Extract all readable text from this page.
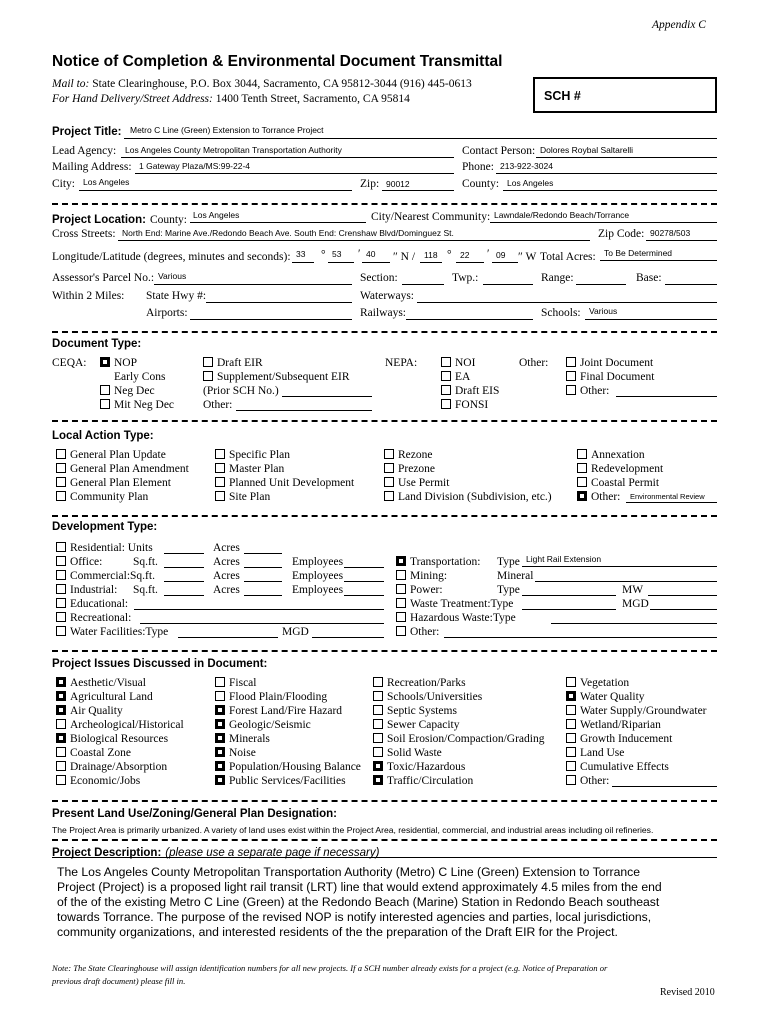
Appendix C
Notice of Completion & Environmental Document Transmittal
Mail to: State Clearinghouse, P.O. Box 3044, Sacramento, CA 95812-3044 (916) 445-0613
For Hand Delivery/Street Address: 1400 Tenth Street, Sacramento, CA 95814	SCH #
Project Title: Metro C Line (Green) Extension to Torrance Project
Lead Agency: Los Angeles County Metropolitan Transportation Authority	Contact Person: Dolores Roybal Saltarelli
Mailing Address: 1 Gateway Plaza/MS:99-22-4	Phone: 213-922-3024
City: Los Angeles	Zip: 90012	County: Los Angeles
Project Location: County: Los Angeles	City/Nearest Community: Lawndale/Redondo Beach/Torrance
Cross Streets: North End: Marine Ave./Redondo Beach Ave. South End: Crenshaw Blvd/Dominguez St.	Zip Code: 90278/503
Longitude/Latitude (degrees, minutes and seconds): 33 ° 53 ′ 40 ″ N / 118 ° 22 ′ 09 ″ W Total Acres: To Be Determined
Assessor's Parcel No.: Various	Section:	Twp.:	Range:	Base:
Within 2 Miles: State Hwy #:	Waterways:
Airports:	Railways:	Schools: Various
Document Type:
CEQA:	NOP
Early Cons
Neg Dec
Mit Neg Dec
Draft EIR
Supplement/Subsequent EIR
(Prior SCH No.)
Other:
NEPA:	NOI
EA
Draft EIS
FONSI
Other:	Joint Document
Final Document
Other:
Local Action Type:
General Plan Update
General Plan Amendment
General Plan Element
Community Plan
Specific Plan
Master Plan
Planned Unit Development
Site Plan
Rezone
Prezone
Use Permit
Land Division (Subdivision, etc.)
Annexation
Redevelopment
Coastal Permit
Other: Environmental Review
Development Type:
Residential: Units	Acres
Office:	Sq.ft.	Acres	Employees
Commercial:Sq.ft.	Acres	Employees
Industrial: Sq.ft.	Acres	Employees
Educational:
Recreational:
Water Facilities:Type	MGD
Transportation: Type Light Rail Extension
Mining:	Mineral
Power:	Type	MW
Waste Treatment:Type	MGD
Hazardous Waste:Type
Other:
Project Issues Discussed in Document:
Aesthetic/Visual
Agricultural Land
Air Quality
Archeological/Historical
Biological Resources
Coastal Zone
Drainage/Absorption
Economic/Jobs
Fiscal
Flood Plain/Flooding
Forest Land/Fire Hazard
Geologic/Seismic
Minerals
Noise
Population/Housing Balance
Public Services/Facilities
Recreation/Parks
Schools/Universities
Septic Systems
Sewer Capacity
Soil Erosion/Compaction/Grading
Solid Waste
Toxic/Hazardous
Traffic/Circulation
Vegetation
Water Quality
Water Supply/Groundwater
Wetland/Riparian
Growth Inducement
Land Use
Cumulative Effects
Other:
Present Land Use/Zoning/General Plan Designation:
The Project Area is primarily urbanized. A variety of land uses exist within the Project Area, residential, commercial, and industrial areas including oil refineries.
Project Description: (please use a separate page if necessary)
The Los Angeles County Metropolitan Transportation Authority (Metro) C Line (Green) Extension to Torrance
Project (Project) is a proposed light rail transit (LRT) line that would extend approximately 4.5 miles from the end
of the of the existing Metro C Line (Green) at the Redondo Beach (Marine) Station in Redondo Beach southeast
towards Torrance. The purpose of the revised NOP is notify interested agencies and parties, local jurisdictions,
community organizations, and interested residents of the the preparation of the Draft EIR for the Project.
Note: The State Clearinghouse will assign identification numbers for all new projects. If a SCH number already exists for a project (e.g. Notice of Preparation or
previous draft document) please fill in.
Revised 2010
